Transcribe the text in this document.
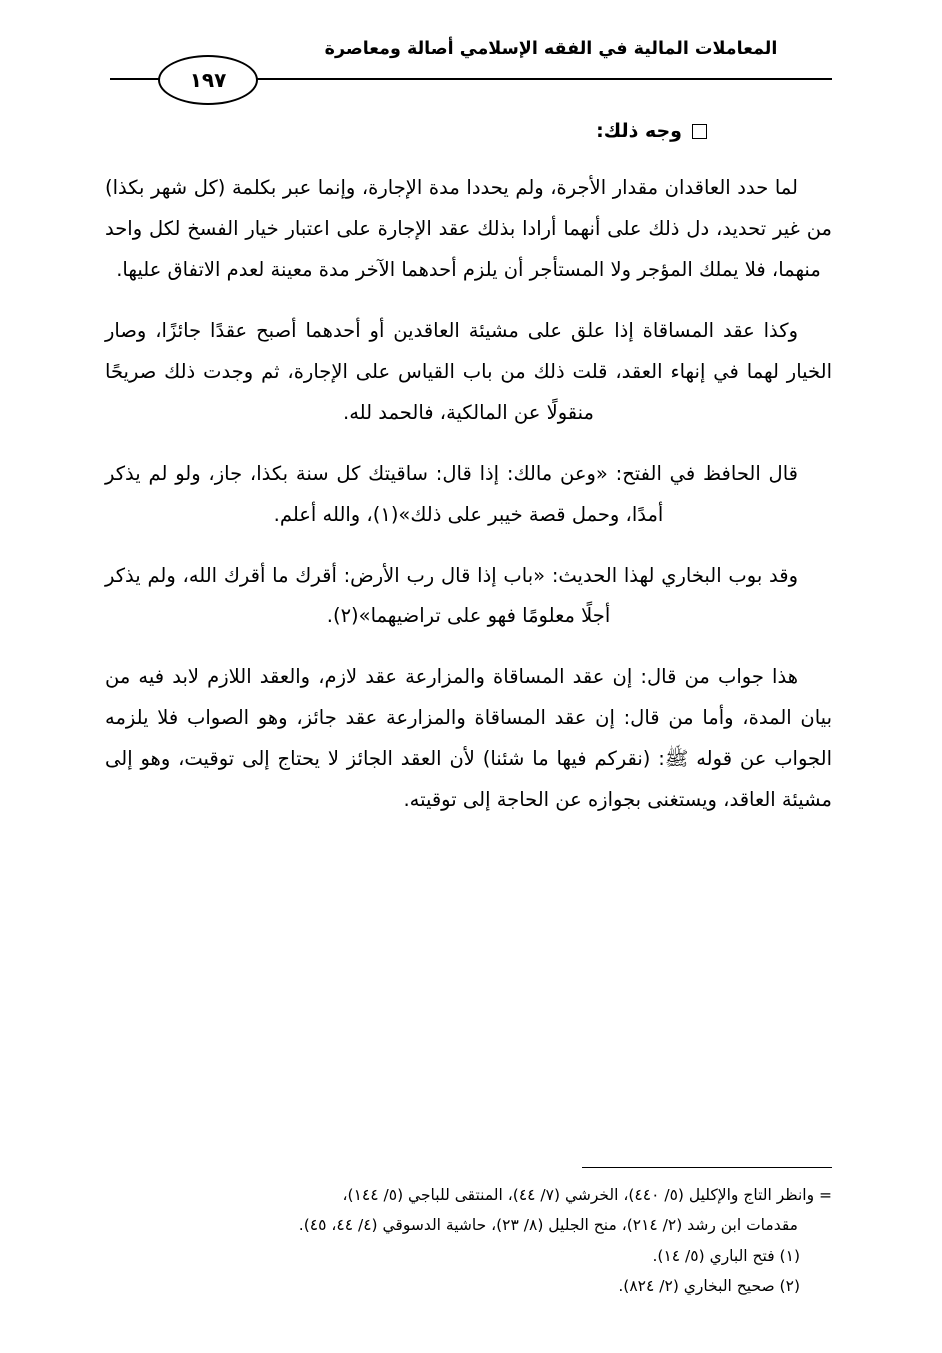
المعاملات المالية في الفقه الإسلامي أصالة ومعاصرة
١٩٧
وجه ذلك:

لما حدد العاقدان مقدار الأجرة، ولم يحددا مدة الإجارة، وإنما عبر بكلمة (كل شهر بكذا) من غير تحديد، دل ذلك على أنهما أرادا بذلك عقد الإجارة على اعتبار خيار الفسخ لكل واحد منهما، فلا يملك المؤجر ولا المستأجر أن يلزم أحدهما الآخر مدة معينة لعدم الاتفاق عليها.

وكذا عقد المساقاة إذا علق على مشيئة العاقدين أو أحدهما أصبح عقدًا جائزًا، وصار الخيار لهما في إنهاء العقد، قلت ذلك من باب القياس على الإجارة، ثم وجدت ذلك صريحًا منقولًا عن المالكية، فالحمد لله.

قال الحافظ في الفتح: «وعن مالك: إذا قال: ساقيتك كل سنة بكذا، جاز، ولو لم يذكر أمدًا، وحمل قصة خيبر على ذلك»(١)، والله أعلم.

وقد بوب البخاري لهذا الحديث: «باب إذا قال رب الأرض: أقرك ما أقرك الله، ولم يذكر أجلًا معلومًا فهو على تراضيهما»(٢).

هذا جواب من قال: إن عقد المساقاة والمزارعة عقد لازم، والعقد اللازم لابد فيه من بيان المدة، وأما من قال: إن عقد المساقاة والمزارعة عقد جائز، وهو الصواب فلا يلزمه الجواب عن قوله ﷺ: (نقركم فيها ما شئنا) لأن العقد الجائز لا يحتاج إلى توقيت، وهو إلى مشيئة العاقد، ويستغنى بجوازه عن الحاجة إلى توقيته.

= وانظر التاج والإكليل (٥/ ٤٤٠)، الخرشي (٧/ ٤٤)، المنتقى للباجي (٥/ ١٤٤)،

مقدمات ابن رشد (٢/ ٢١٤)، منح الجليل (٨/ ٢٣)، حاشية الدسوقي (٤/ ٤٤، ٤٥).

(١) فتح الباري (٥/ ١٤).

(٢) صحيح البخاري (٢/ ٨٢٤).
